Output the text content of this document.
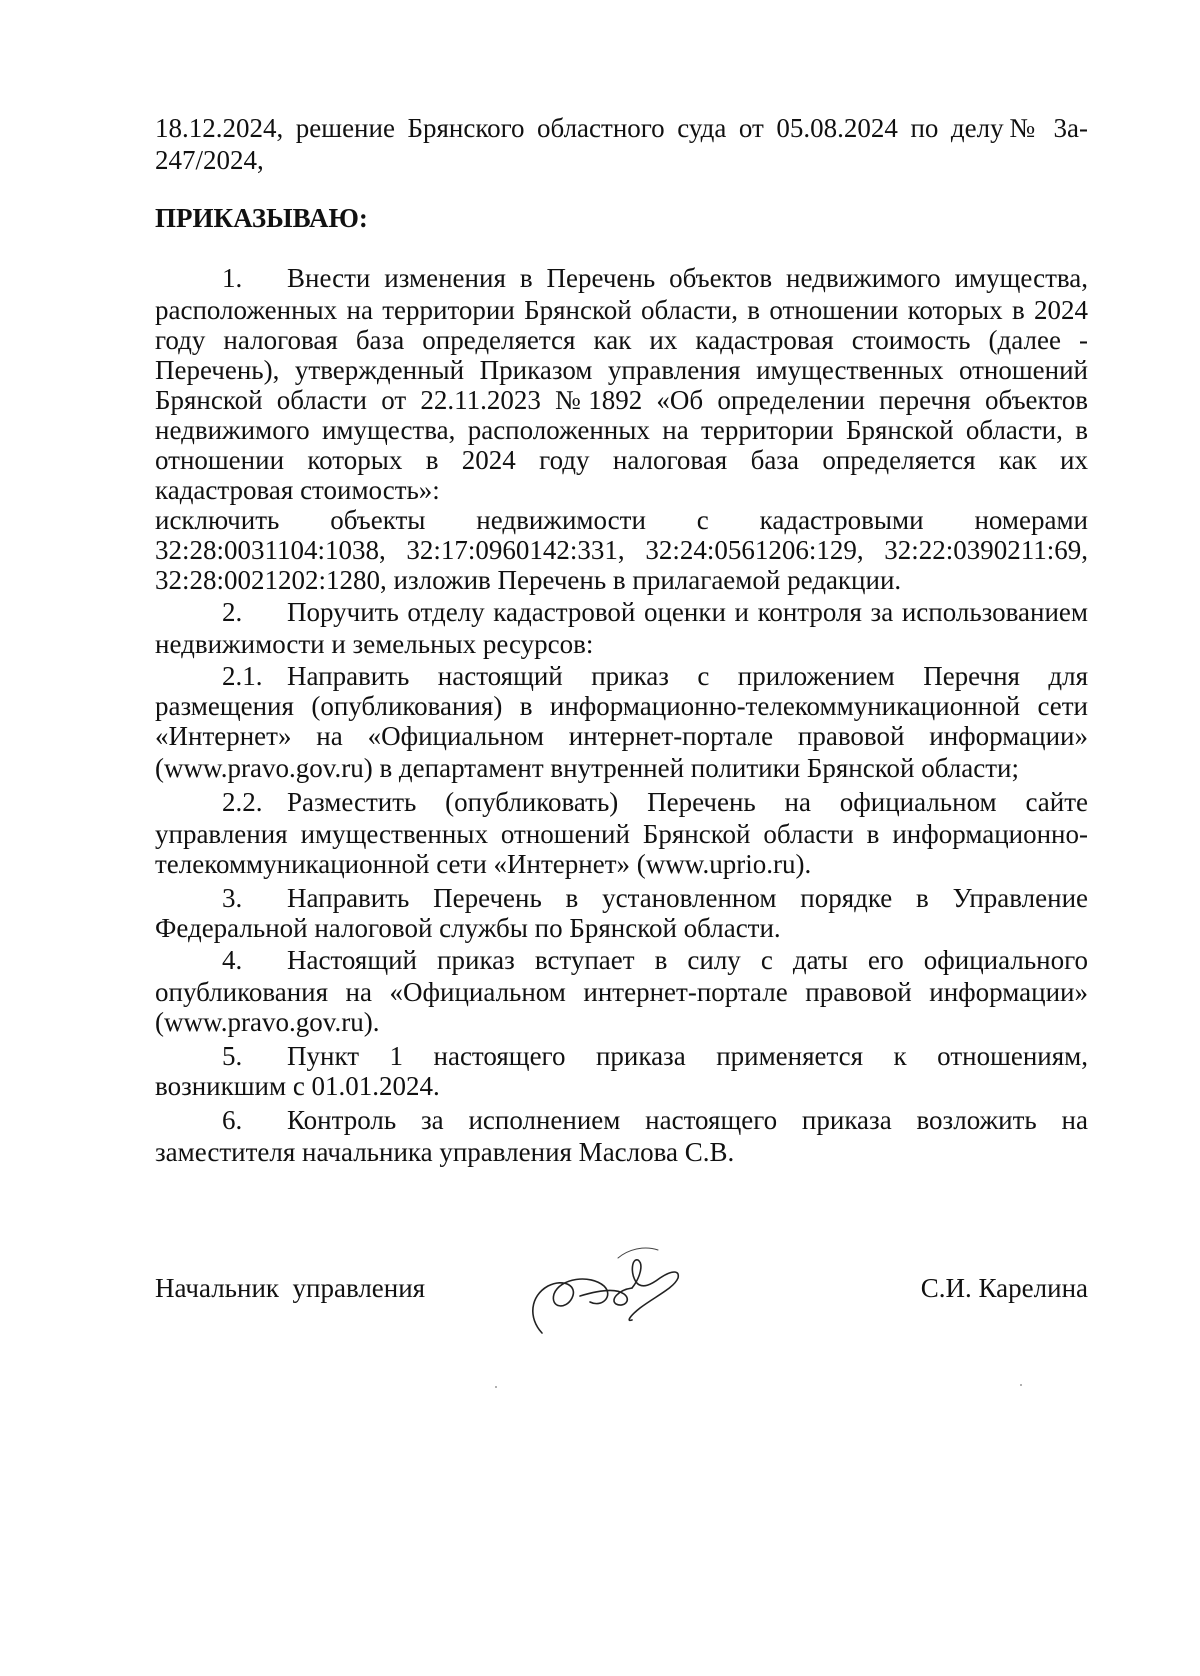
18.12.2024, решение Брянского областного суда от 05.08.2024 по делу№ 3а-
247/2024,
ПРИКАЗЫВАЮ:
1. Внести изменения в Перечень объектов недвижимого имущества,
расположенных на территории Брянской области, в отношении которых в 2024
году налоговая база определяется как их кадастровая стоимость (далее -
Перечень), утвержденный Приказом управления имущественных отношений
Брянской области от 22.11.2023 №1892 «Об определении перечня объектов
недвижимого имущества, расположенных на территории Брянской области, в
отношении которых в 2024 году налоговая база определяется как их
кадастровая стоимость»:
исключить объекты недвижимости с кадастровыми номерами
32:28:0031104:1038, 32:17:0960142:331, 32:24:0561206:129, 32:22:0390211:69,
32:28:0021202:1280, изложив Перечень в прилагаемой редакции.
2. Поручить отделу кадастровой оценки и контроля за использованием
недвижимости и земельных ресурсов:
2.1. Направить настоящий приказ с приложением Перечня для
размещения (опубликования) в информационно-телекоммуникационной сети
«Интернет» на «Официальном интернет-портале правовой информации»
(www.pravo.gov.ru) в департамент внутренней политики Брянской области;
2.2. Разместить (опубликовать) Перечень на официальном сайте
управления имущественных отношений Брянской области в информационно-
телекоммуникационной сети «Интернет» (www.uprio.ru).
3. Направить Перечень в установленном порядке в Управление
Федеральной налоговой службы по Брянской области.
4. Настоящий приказ вступает в силу с даты его официального
опубликования на «Официальном интернет-портале правовой информации»
(www.pravo.gov.ru).
5. Пункт 1 настоящего приказа применяется к отношениям,
возникшим с 01.01.2024.
6. Контроль за исполнением настоящего приказа возложить на
заместителя начальника управления Маслова С.В.
Начальник  управления	С.И. Карелина
